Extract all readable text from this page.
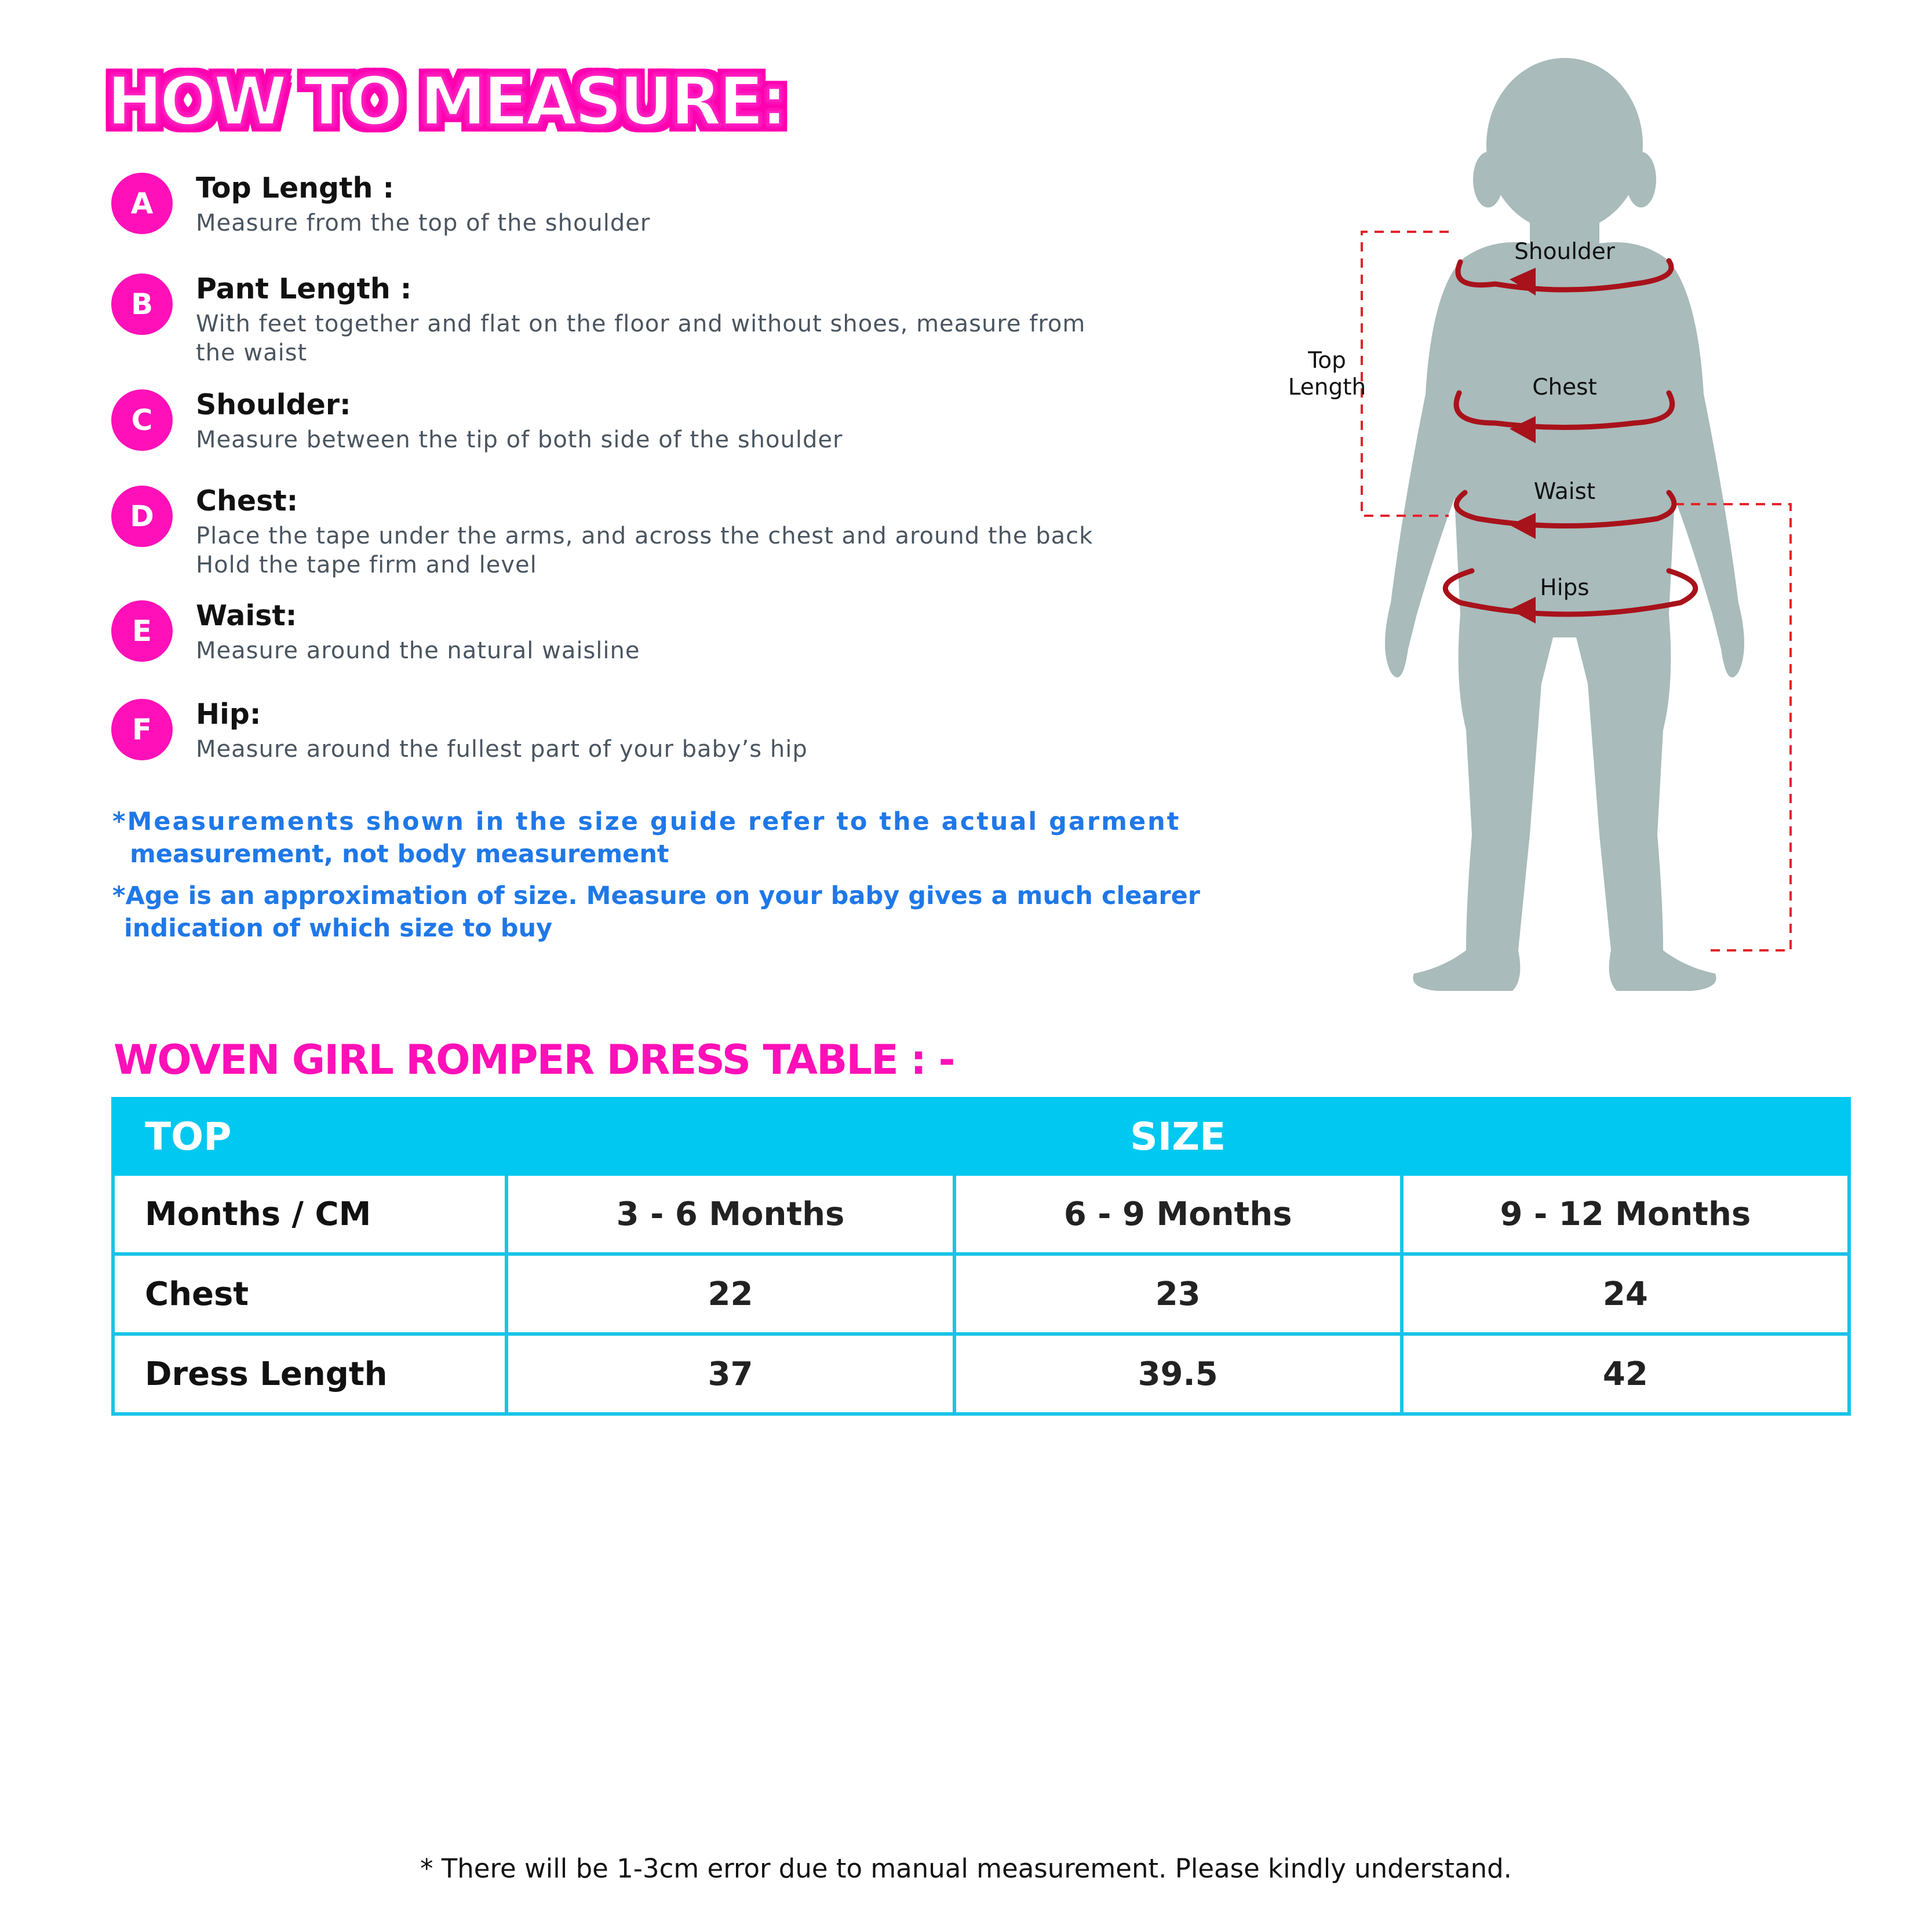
HOW TO MEASURE:
A	Top Length :
Measure from the top of the shoulder
B	Pant Length :
With feet together and flat on the floor and without shoes, measure from
the waist
C	Shoulder:
Measure between the tip of both side of the shoulder
D	Chest:
Place the tape under the arms, and across the chest and around the back
Hold the tape firm and level
E	Waist:
Measure around the natural waisline
F	Hip:
Measure around the fullest part of your baby’s hip
*Measurements shown in the size guide refer to the actual garment
measurement, not body measurement
*Age is an approximation of size. Measure on your baby gives a much clearer
indication of which size to buy
Shoulder
Top
Length	Chest
Waist
Hips
WOVEN GIRL ROMPER DRESS TABLE : -
TOP	SIZE		
Months / CM	3 - 6 Months	6 - 9 Months	9 - 12 Months
Chest	22	23	24
Dress Length	37	39.5	42
* There will be 1-3cm error due to manual measurement. Please kindly understand.
